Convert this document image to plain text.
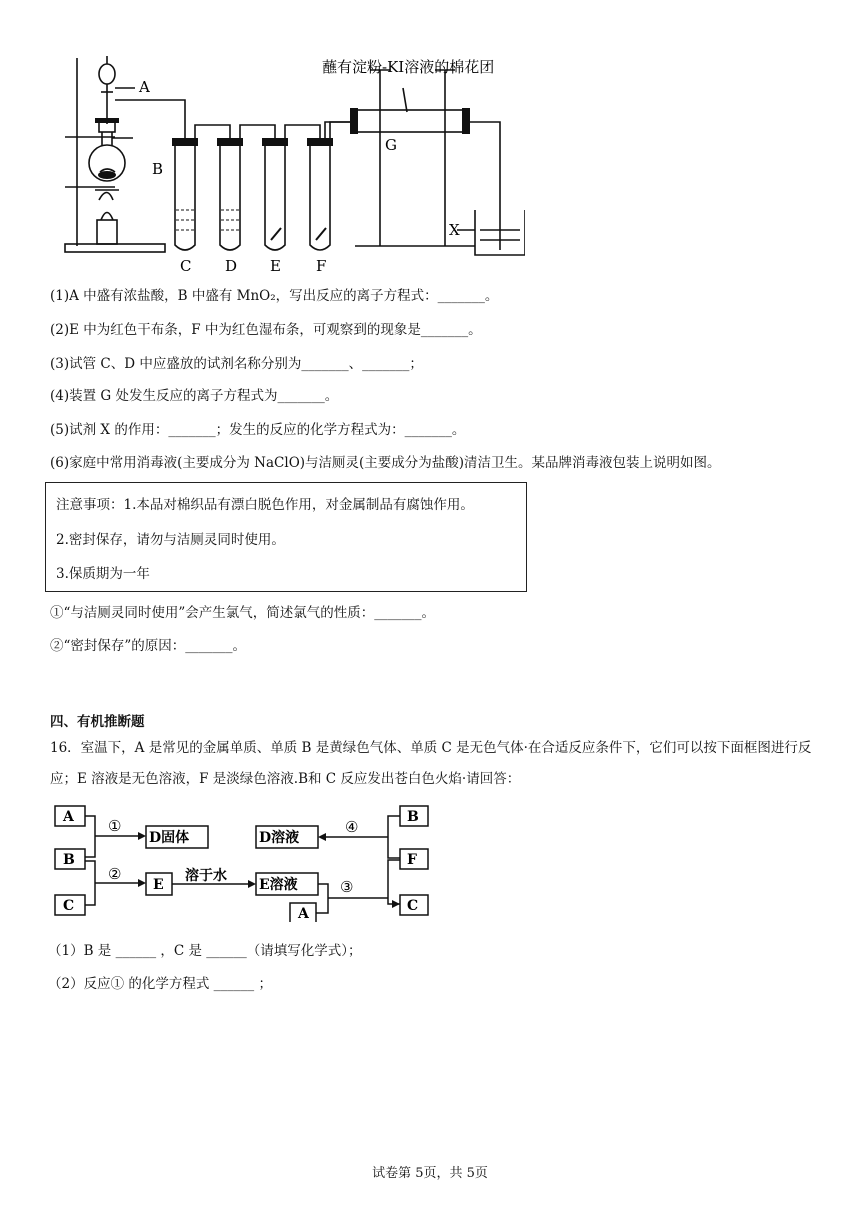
A
B
G
X
蘸有淀粉-KI溶液的棉花团
C D E F
(1)A 中盛有浓盐酸，B 中盛有 MnO₂，写出反应的离子方程式：_______。
(2)E 中为红色干布条，F 中为红色湿布条，可观察到的现象是_______。
(3)试管 C、D 中应盛放的试剂名称分别为_______、_______；
(4)装置 G 处发生反应的离子方程式为_______。
(5)试剂 X 的作用：_______；发生的反应的化学方程式为：_______。
(6)家庭中常用消毒液(主要成分为 NaClO)与洁厕灵(主要成分为盐酸)清洁卫生。某品牌消毒液包装上说明如图。
注意事项：1.本品对棉织品有漂白脱色作用，对金属制品有腐蚀作用。
2.密封保存，请勿与洁厕灵同时使用。
3.保质期为一年
①“与洁厕灵同时使用”会产生氯气，简述氯气的性质：_______。
②“密封保存”的原因：_______。
四、有机推断题
16．室温下，A 是常见的金属单质、单质 B 是黄绿色气体、单质 C 是无色气体·在合适反应条件下，它们可以按下面框图进行反应；E 溶液是无色溶液，F 是淡绿色溶液.B和 C 反应发出苍白色火焰·请回答：
A
B
C
D固体
E
D溶液
E溶液
A
B
F
C
溶于水
①
②
③
④
（1）B 是 ______ ，C 是 ______（请填写化学式）；
（2）反应① 的化学方程式 ______ ；
试卷第 5页，共 5页
